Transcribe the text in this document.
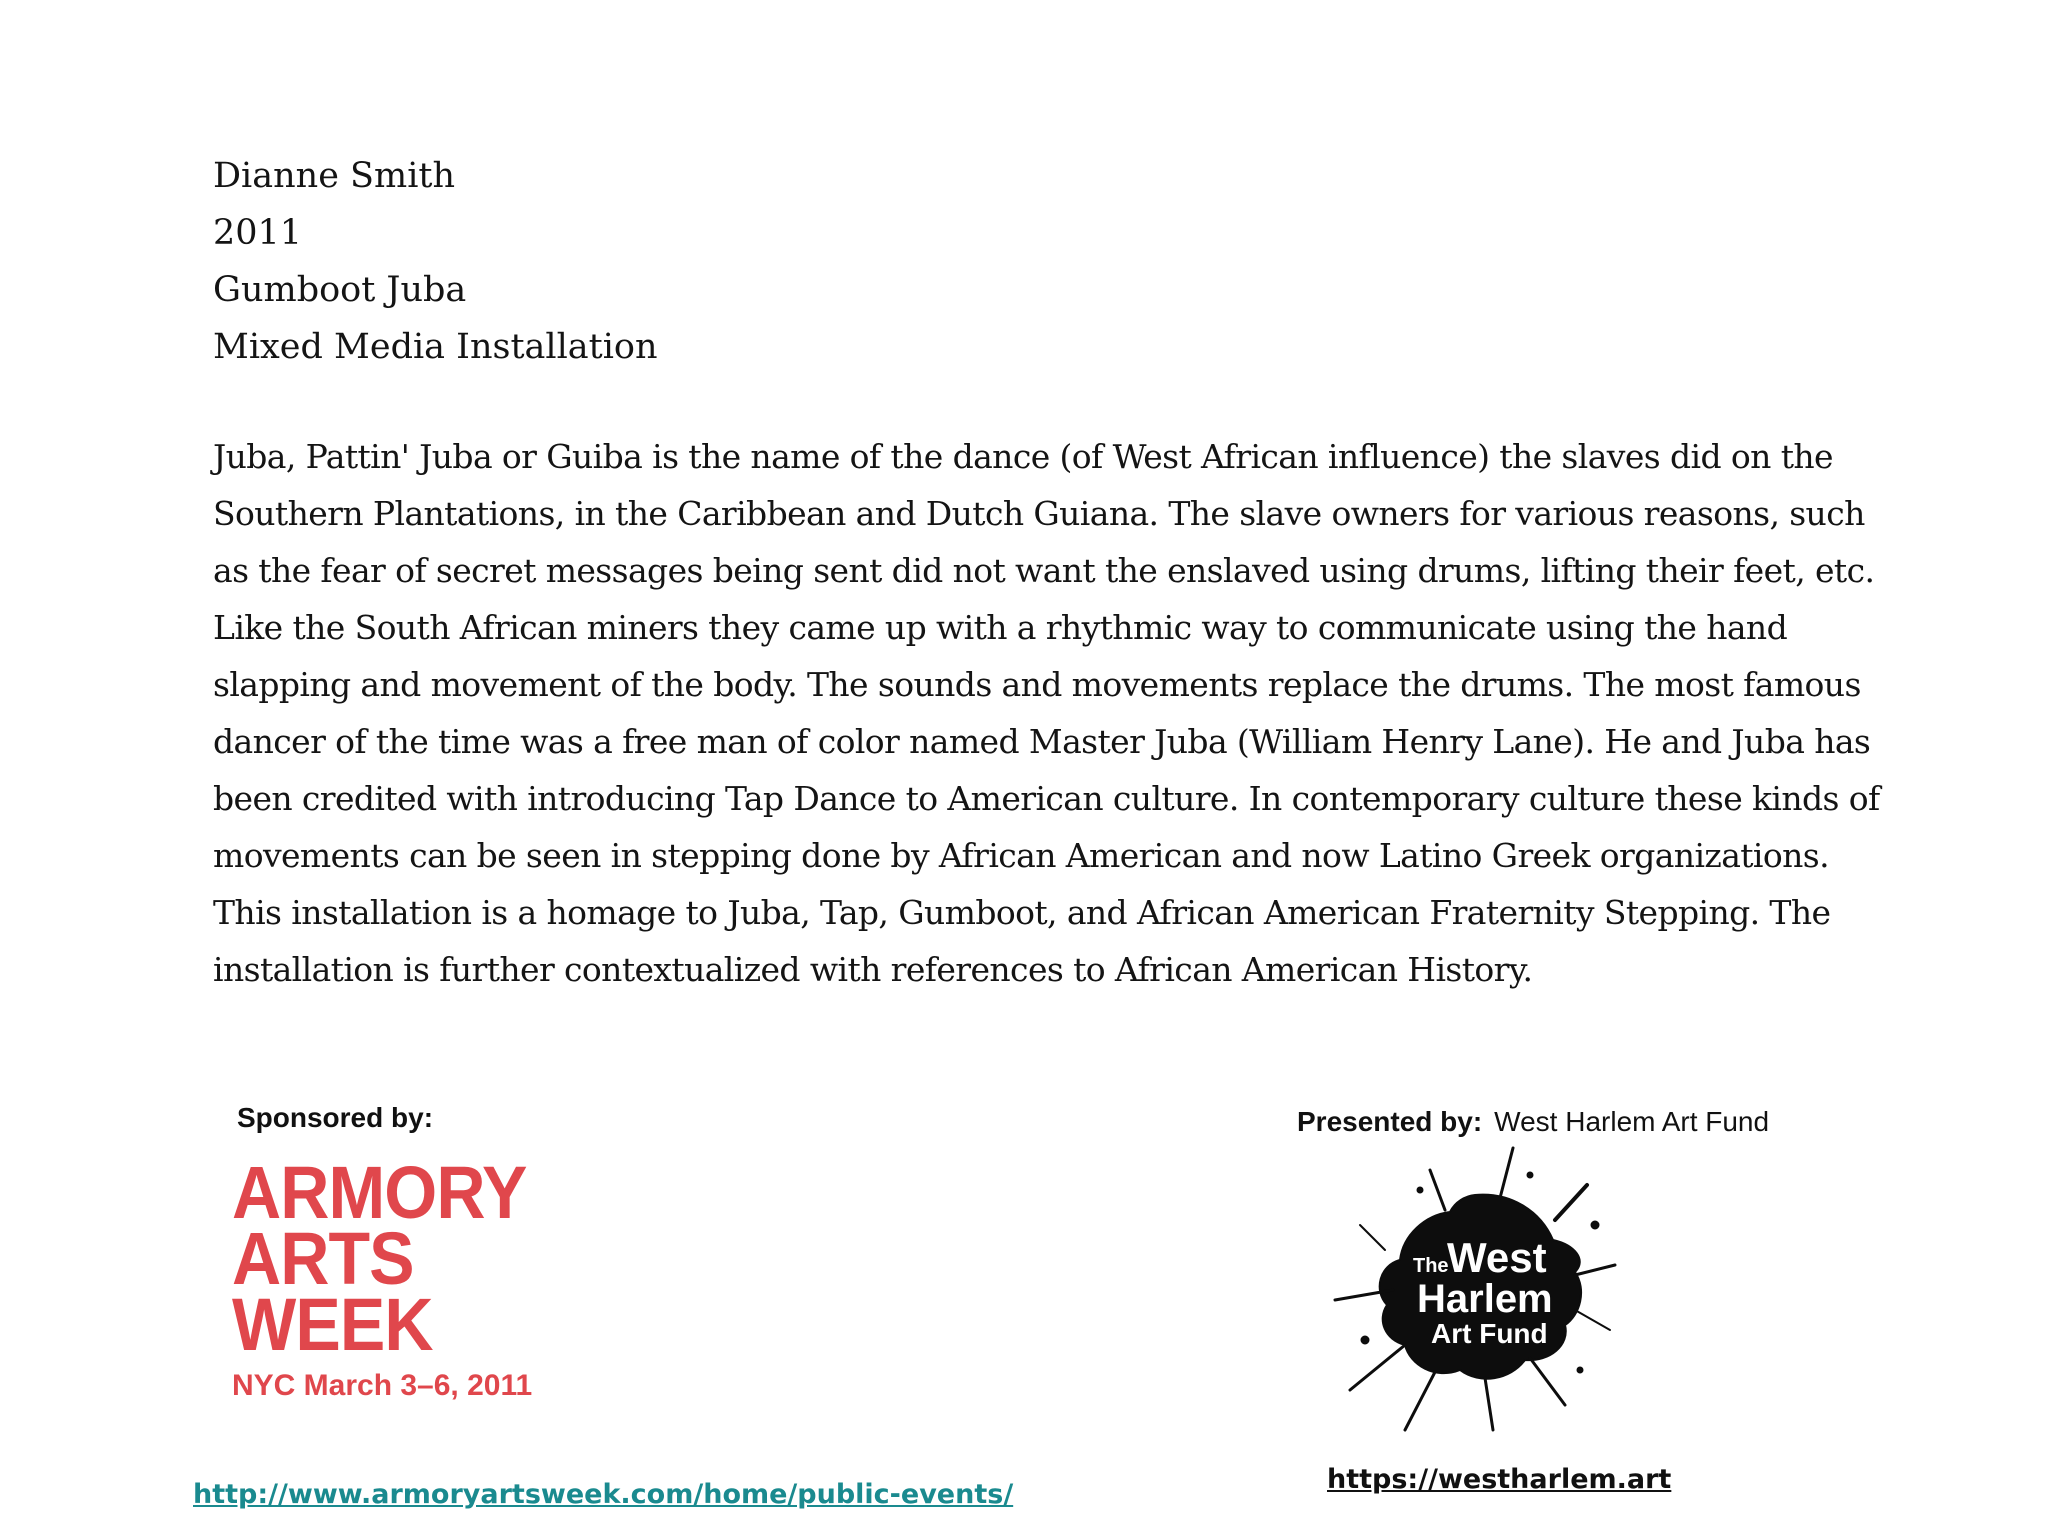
Dianne Smith
2011
Gumboot Juba
Mixed Media Installation
Juba, Pattin' Juba or Guiba is the name of the dance (of West African influence) the slaves did on the
Southern Plantations, in the Caribbean and Dutch Guiana. The slave owners for various reasons, such
as the fear of secret messages being sent did not want the enslaved using drums, lifting their feet, etc.
Like the South African miners they came up with a rhythmic way to communicate using the hand
slapping and movement of the body. The sounds and movements replace the drums. The most famous
dancer of the time was a free man of color named Master Juba (William Henry Lane). He and Juba has
been credited with introducing Tap Dance to American culture. In contemporary culture these kinds of
movements can be seen in stepping done by African American and now Latino Greek organizations.
This installation is a homage to Juba, Tap, Gumboot, and African American Fraternity Stepping. The
installation is further contextualized with references to African American History.
Sponsored by:
ARMORY
ARTS
WEEK
NYC March 3–6, 2011
http://www.armoryartsweek.com/home/public-events/
Presented by: West Harlem Art Fund
The
West
Harlem
Art Fund
https://westharlem.art
